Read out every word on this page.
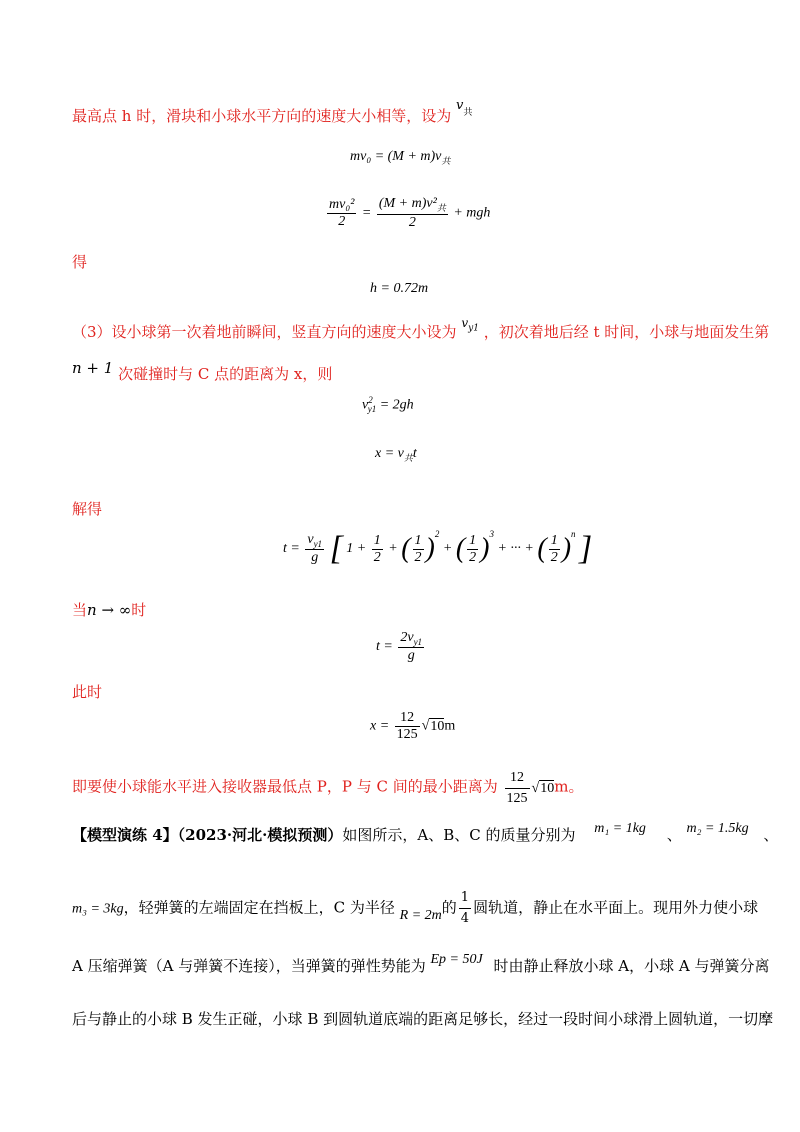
最高点 h 时，滑块和小球水平方向的速度大小相等，设为 $v_共$
$mv_0 = (M + m)v_共$
$\frac{\text{mv₀²}}{2} = \frac{(M + m)v^2_共}{2}$ + mgh
得
h = 0.72m
（3）设小球第一次着地前瞬间，竖直方向的速度大小设为 $^{v_{y1}}$ ，初次着地后经 t 时间，小球与地面发生第
n + 1 次碰撞时与 C 点的距离为 x，则
$v^2_{y1} = 2gh$
$x = v_共t$
解得
$t = \frac{v_{y1}}{g}$ [ $1 + \frac{1}{2}$ + ( $\frac{1}{2} )^2$ + ( $\frac{1}{2} )^3$ + ··· + ( $\frac{1}{2} )^n$ ]
当n → ∞时
$t = \frac{2v_{y1}}{g}$
此时
$x = \frac{12}{125} √10m$
即要使小球能水平进入接收器最低点 P，P 与 C 间的最小距离为 $\frac{12}{125} √10m$。
【模型演练 4】（2023·河北·模拟预测）如图所示，A、B、C 的质量分别为 m₁ = 1kg 、 m₂ = 1.5kg 、
m₃ = 3kg，轻弹簧的左端固定在挡板上，C 为半径 R = 2m的 $\frac{1}{4}$ 圆轨道，静止在水平面上。现用外力使小球
A 压缩弹簧（A 与弹簧不连接），当弹簧的弹性势能为 Ep = 50J 时由静止释放小球 A，小球 A 与弹簧分离
后与静止的小球 B 发生正碰，小球 B 到圆轨道底端的距离足够长，经过一段时间小球滑上圆轨道，一切摩
